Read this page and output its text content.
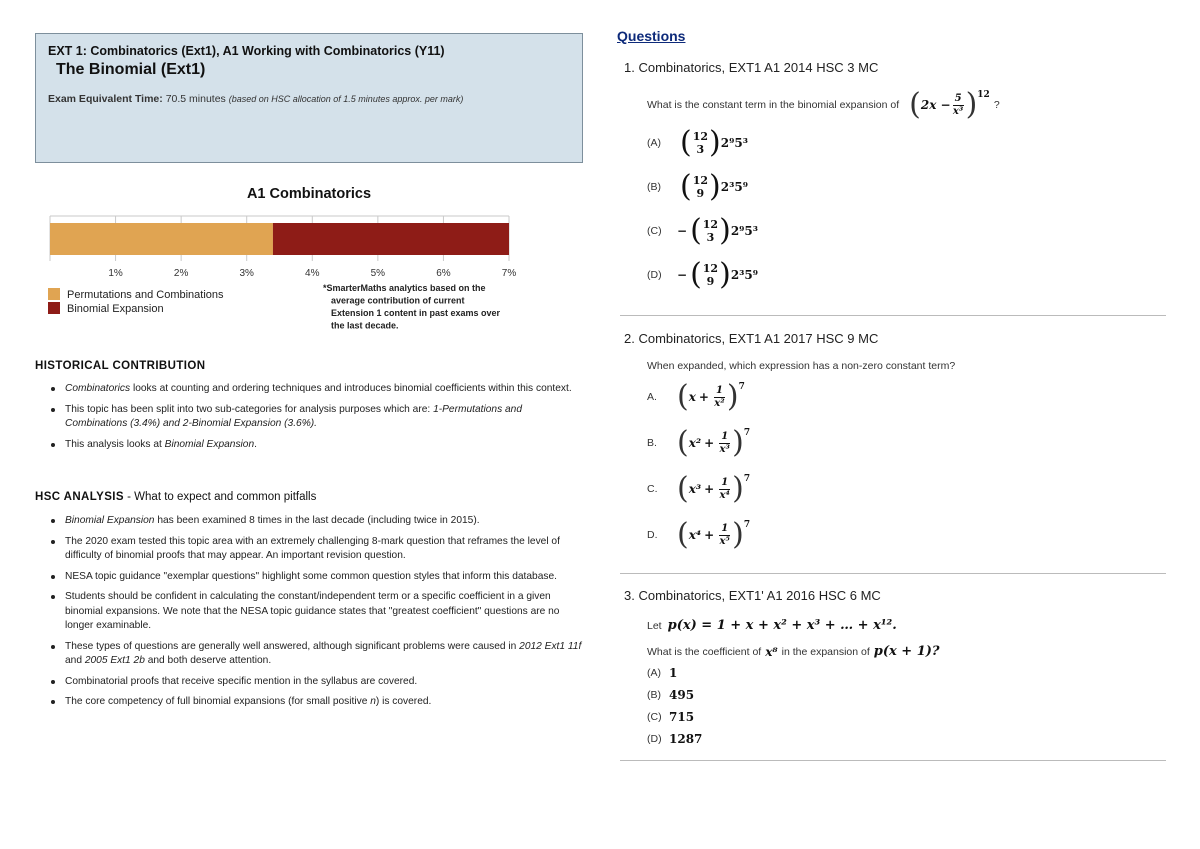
EXT 1: Combinatorics (Ext1), A1 Working with Combinatorics (Y11)
The Binomial (Ext1)
Exam Equivalent Time: 70.5 minutes (based on HSC allocation of 1.5 minutes approx. per mark)
A1 Combinatorics
1%	2%	3%	4%	5%	6%	7%
Permutations and Combinations
Binomial Expansion
*SmarterMaths analytics based on the average contribution of current Extension 1 content in past exams over the last decade.
HISTORICAL CONTRIBUTION
Combinatorics looks at counting and ordering techniques and introduces binomial coefficients within this context.
This topic has been split into two sub-categories for analysis purposes which are: 1-Permutations and Combinations (3.4%) and 2-Binomial Expansion (3.6%).
This analysis looks at Binomial Expansion.
HSC ANALYSIS - What to expect and common pitfalls
Binomial Expansion has been examined 8 times in the last decade (including twice in 2015).
The 2020 exam tested this topic area with an extremely challenging 8-mark question that reframes the level of difficulty of binomial proofs that may appear. An important revision question.
NESA topic guidance "exemplar questions" highlight some common question styles that inform this database.
Students should be confident in calculating the constant/independent term or a specific coefficient in a given binomial expansions. We note that the NESA topic guidance states that "greatest coefficient" questions are no longer examinable.
These types of questions are generally well answered, although significant problems were caused in 2012 Ext1 11f and 2005 Ext1 2b and both deserve attention.
Combinatorial proofs that receive specific mention in the syllabus are covered.
The core competency of full binomial expansions (for small positive n) is covered.
Questions
1. Combinatorics, EXT1 A1 2014 HSC 3 MC
What is the constant term in the binomial expansion of ( $2x - \frac{5}{\text{x³}}$ ) 12
?
(A) ( 12
3 ) 2⁹5³
(B) ( 12
9 ) 2³5⁹
(C)	− ( 12
3 ) 2⁹5³
(D)	− ( 12
9 ) 2³5⁹
2. Combinatorics, EXT1 A1 2017 HSC 9 MC
When expanded, which expression has a non-zero constant term?
A. ( $x + \frac{1}{\text{x²}}$ ) 7
B. ( $x^2 + \frac{1}{\text{x³}}$ ) 7
C. ( $x^3 + \frac{1}{\text{x⁴}}$ ) 7
D. ( $x^4 + \frac{1}{\text{x⁵}}$ ) 7
3. Combinatorics, EXT1' A1 2016 HSC 6 MC
Let p(x) = 1 + x + x² + x³ + … + x¹².
What is the coefficient of x⁸ in the expansion of p(x + 1)?
(A) 1
(B) 495
(C) 715
(D) 1287
